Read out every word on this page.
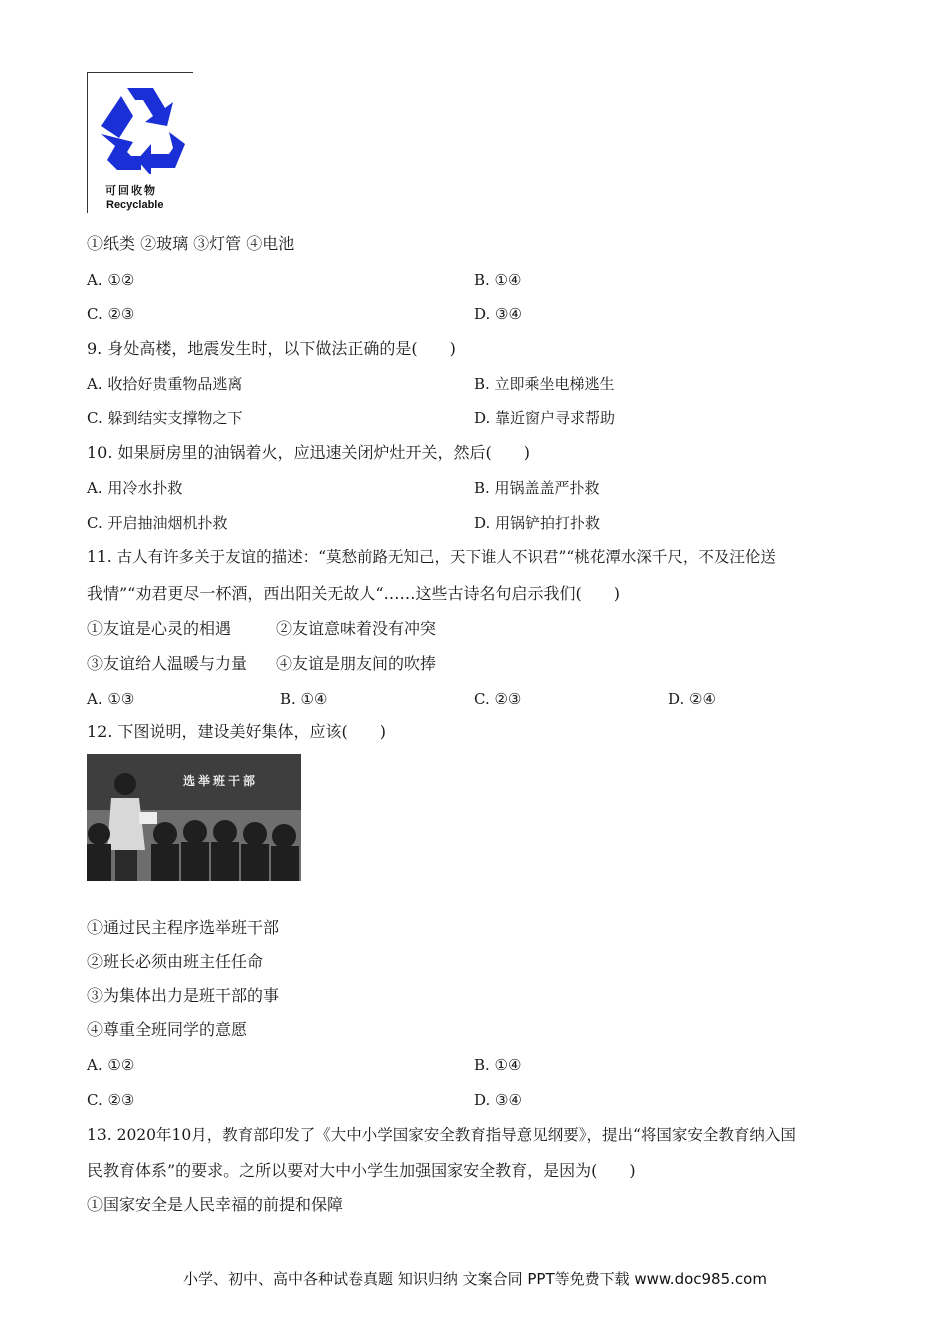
可回收物
Recyclable
①纸类 ②玻璃 ③灯管 ④电池
A. ①②	B. ①④
C. ②③	D. ③④
9. 身处高楼，地震发生时，以下做法正确的是(　　)
A. 收拾好贵重物品逃离	B. 立即乘坐电梯逃生
C. 躲到结实支撑物之下	D. 靠近窗户寻求帮助
10. 如果厨房里的油锅着火，应迅速关闭炉灶开关，然后(　　)
A. 用冷水扑救	B. 用锅盖盖严扑救
C. 开启抽油烟机扑救	D. 用锅铲拍打扑救
11. 古人有许多关于友谊的描述：“莫愁前路无知己，天下谁人不识君”“桃花潭水深千尺，不及汪伦送
我情”“劝君更尽一杯酒，西出阳关无故人“……这些古诗名句启示我们(　　)
①友谊是心灵的相遇	②友谊意味着没有冲突
③友谊给人温暖与力量 ④友谊是朋友间的吹捧
A. ①③	B. ①④	C. ②③	D. ②④
12. 下图说明，建设美好集体，应该(　　)
选举班干部
①通过民主程序选举班干部
②班长必须由班主任任命
③为集体出力是班干部的事
④尊重全班同学的意愿
A. ①②	B. ①④
C. ②③	D. ③④
13. 2020年10月，教育部印发了《大中小学国家安全教育指导意见纲要》，提出“将国家安全教育纳入国
民教育体系”的要求。之所以要对大中小学生加强国家安全教育，是因为(　　)
①国家安全是人民幸福的前提和保障
小学、初中、高中各种试卷真题 知识归纳 文案合同 PPT等免费下载 www.doc985.com
